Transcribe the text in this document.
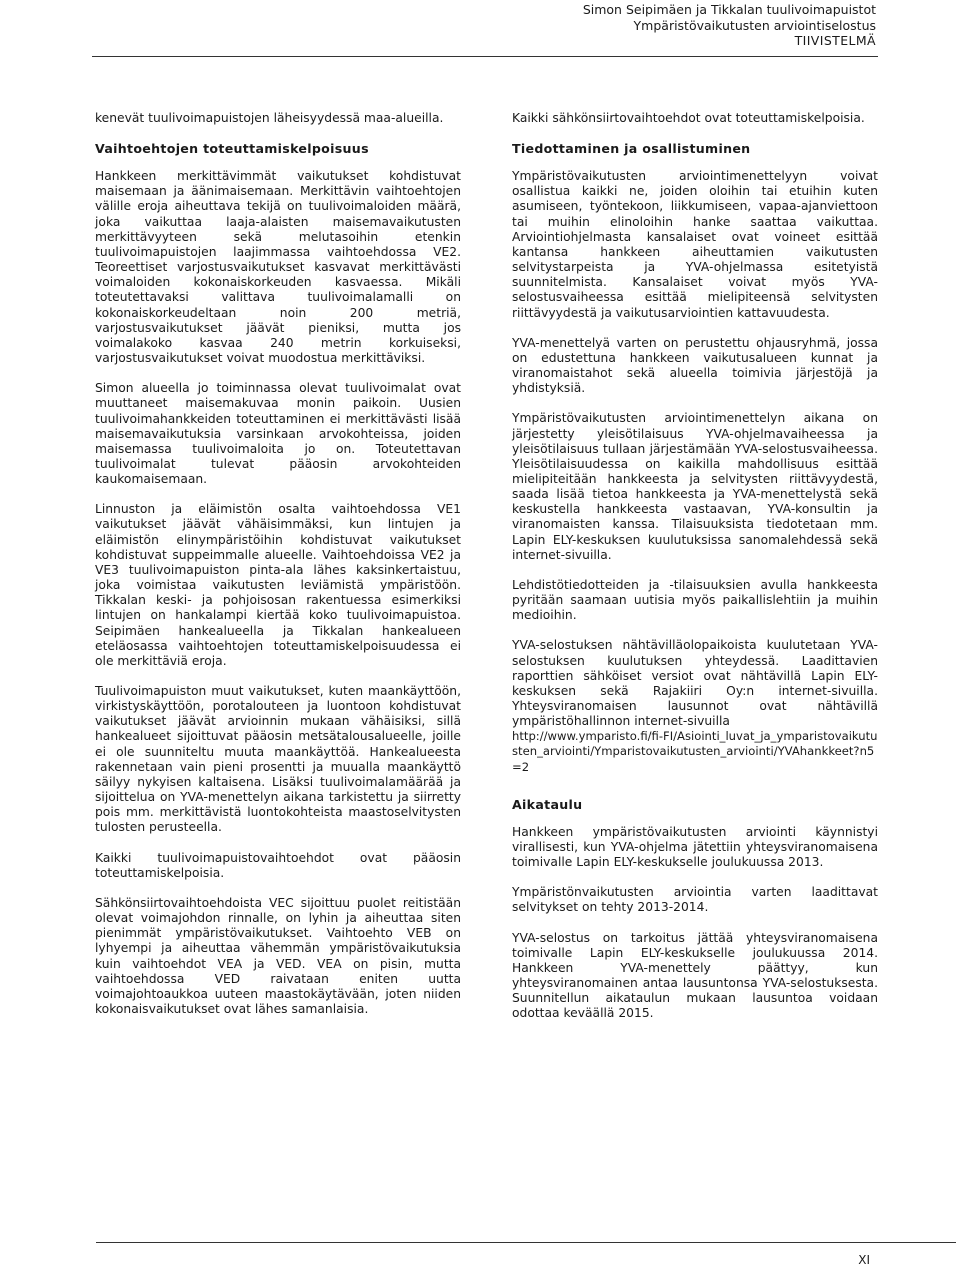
Simon Seipimäen ja Tikkalan tuulivoimapuistot
Ympäristövaikutusten arviointiselostus
TIIVISTELMÄ

kenevät tuulivoimapuistojen läheisyydessä maa-alueilla.

Vaihtoehtojen toteuttamiskelpoisuus

Hankkeen merkittävimmät vaikutukset kohdistuvat maisemaan ja äänimaisemaan. Merkittävin vaihtoehtojen välille eroja aiheuttava tekijä on tuulivoimaloiden määrä, joka vaikuttaa laaja-alaisten maisemavaikutusten merkittävyyteen sekä melutasoihin etenkin tuulivoimapuistojen laajimmassa vaihtoehdossa VE2. Teoreettiset varjostusvaikutukset kasvavat merkittävästi voimaloiden kokonaiskorkeuden kasvaessa. Mikäli toteutettavaksi valittava tuulivoimalamalli on kokonaiskorkeudeltaan noin 200 metriä, varjostusvaikutukset jäävät pieniksi, mutta jos voimalakoko kasvaa 240 metrin korkuiseksi, varjostusvaikutukset voivat muodostua merkittäviksi.

Simon alueella jo toiminnassa olevat tuulivoimalat ovat muuttaneet maisemakuvaa monin paikoin. Uusien tuulivoimahankkeiden toteuttaminen ei merkittävästi lisää maisemavaikutuksia varsinkaan arvokohteissa, joiden maisemassa tuulivoimaloita jo on. Toteutettavan tuulivoimalat tulevat pääosin arvokohteiden kaukomaisemaan.

Linnuston ja eläimistön osalta vaihtoehdossa VE1 vaikutukset jäävät vähäisimmäksi, kun lintujen ja eläimistön elinympäristöihin kohdistuvat vaikutukset kohdistuvat suppeimmalle alueelle. Vaihtoehdoissa VE2 ja VE3 tuulivoimapuiston pinta-ala lähes kaksinkertaistuu, joka voimistaa vaikutusten leviämistä ympäristöön. Tikkalan keski- ja pohjoisosan rakentuessa esimerkiksi lintujen on hankalampi kiertää koko tuulivoimapuistoa. Seipimäen hankealueella ja Tikkalan hankealueen eteläosassa vaihtoehtojen toteuttamiskelpoisuudessa ei ole merkittäviä eroja.

Tuulivoimapuiston muut vaikutukset, kuten maankäyttöön, virkistyskäyttöön, porotalouteen ja luontoon kohdistuvat vaikutukset jäävät arvioinnin mukaan vähäisiksi, sillä hankealueet sijoittuvat pääosin metsätalousalueelle, joille ei ole suunniteltu muuta maankäyttöä. Hankealueesta rakennetaan vain pieni prosentti ja muualla maankäyttö säilyy nykyisen kaltaisena. Lisäksi tuulivoimalamäärää ja sijoittelua on YVA-menettelyn aikana tarkistettu ja siirretty pois mm. merkittävistä luontokohteista maastoselvitysten tulosten perusteella.

Kaikki tuulivoimapuistovaihtoehdot ovat pääosin toteuttamiskelpoisia.

Sähkönsiirtovaihtoehdoista VEC sijoittuu puolet reitistään olevat voimajohdon rinnalle, on lyhin ja aiheuttaa siten pienimmät ympäristövaikutukset. Vaihtoehto VEB on lyhyempi ja aiheuttaa vähemmän ympäristövaikutuksia kuin vaihtoehdot VEA ja VED. VEA on pisin, mutta vaihtoehdossa VED raivataan eniten uutta voimajohtoaukkoa uuteen maastokäytävään, joten niiden kokonaisvaikutukset ovat lähes samanlaisia.

Kaikki sähkönsiirtovaihtoehdot ovat toteuttamiskelpoisia.

Tiedottaminen ja osallistuminen

Ympäristövaikutusten arviointimenettelyyn voivat osallistua kaikki ne, joiden oloihin tai etuihin kuten asumiseen, työntekoon, liikkumiseen, vapaa-ajanviettoon tai muihin elinoloihin hanke saattaa vaikuttaa. Arviointiohjelmasta kansalaiset ovat voineet esittää kantansa hankkeen aiheuttamien vaikutusten selvitystarpeista ja YVA-ohjelmassa esitetyistä suunnitelmista. Kansalaiset voivat myös YVA-selostusvaiheessa esittää mielipiteensä selvitysten riittävyydestä ja vaikutusarviointien kattavuudesta.

YVA-menettelyä varten on perustettu ohjausryhmä, jossa on edustettuna hankkeen vaikutusalueen kunnat ja viranomaistahot sekä alueella toimivia järjestöjä ja yhdistyksiä.

Ympäristövaikutusten arviointimenettelyn aikana on järjestetty yleisötilaisuus YVA-ohjelmavaiheessa ja yleisötilaisuus tullaan järjestämään YVA-selostusvaiheessa. Yleisötilaisuudessa on kaikilla mahdollisuus esittää mielipiteitään hankkeesta ja selvitysten riittävyydestä, saada lisää tietoa hankkeesta ja YVA-menettelystä sekä keskustella hankkeesta vastaavan, YVA-konsultin ja viranomaisten kanssa. Tilaisuuksista tiedotetaan mm. Lapin ELY-keskuksen kuulutuksissa sanomalehdessä sekä internet-sivuilla.

Lehdistötiedotteiden ja -tilaisuuksien avulla hankkeesta pyritään saamaan uutisia myös paikallislehtiin ja muihin medioihin.

YVA-selostuksen nähtävilläolopaikoista kuulutetaan YVA-selostuksen kuulutuksen yhteydessä. Laadittavien raporttien sähköiset versiot ovat nähtävillä Lapin ELY-keskuksen sekä Rajakiiri Oy:n internet-sivuilla. Yhteysviranomaisen lausunnot ovat nähtävillä ympäristöhallinnon internet-sivuilla
http://www.ymparisto.fi/fi-FI/Asiointi_luvat_ja_ymparistovaikutusten_arviointi/Ymparistovaikutusten_arviointi/YVAhankkeet?n5=2

Aikataulu

Hankkeen ympäristövaikutusten arviointi käynnistyi virallisesti, kun YVA-ohjelma jätettiin yhteysviranomaisena toimivalle Lapin ELY-keskukselle joulukuussa 2013.

Ympäristönvaikutusten arviointia varten laadittavat selvitykset on tehty 2013-2014.

YVA-selostus on tarkoitus jättää yhteysviranomaisena toimivalle Lapin ELY-keskukselle joulukuussa 2014. Hankkeen YVA-menettely päättyy, kun yhteysviranomainen antaa lausuntonsa YVA-selostuksesta. Suunnitellun aikataulun mukaan lausuntoa voidaan odottaa keväällä 2015.

XI
